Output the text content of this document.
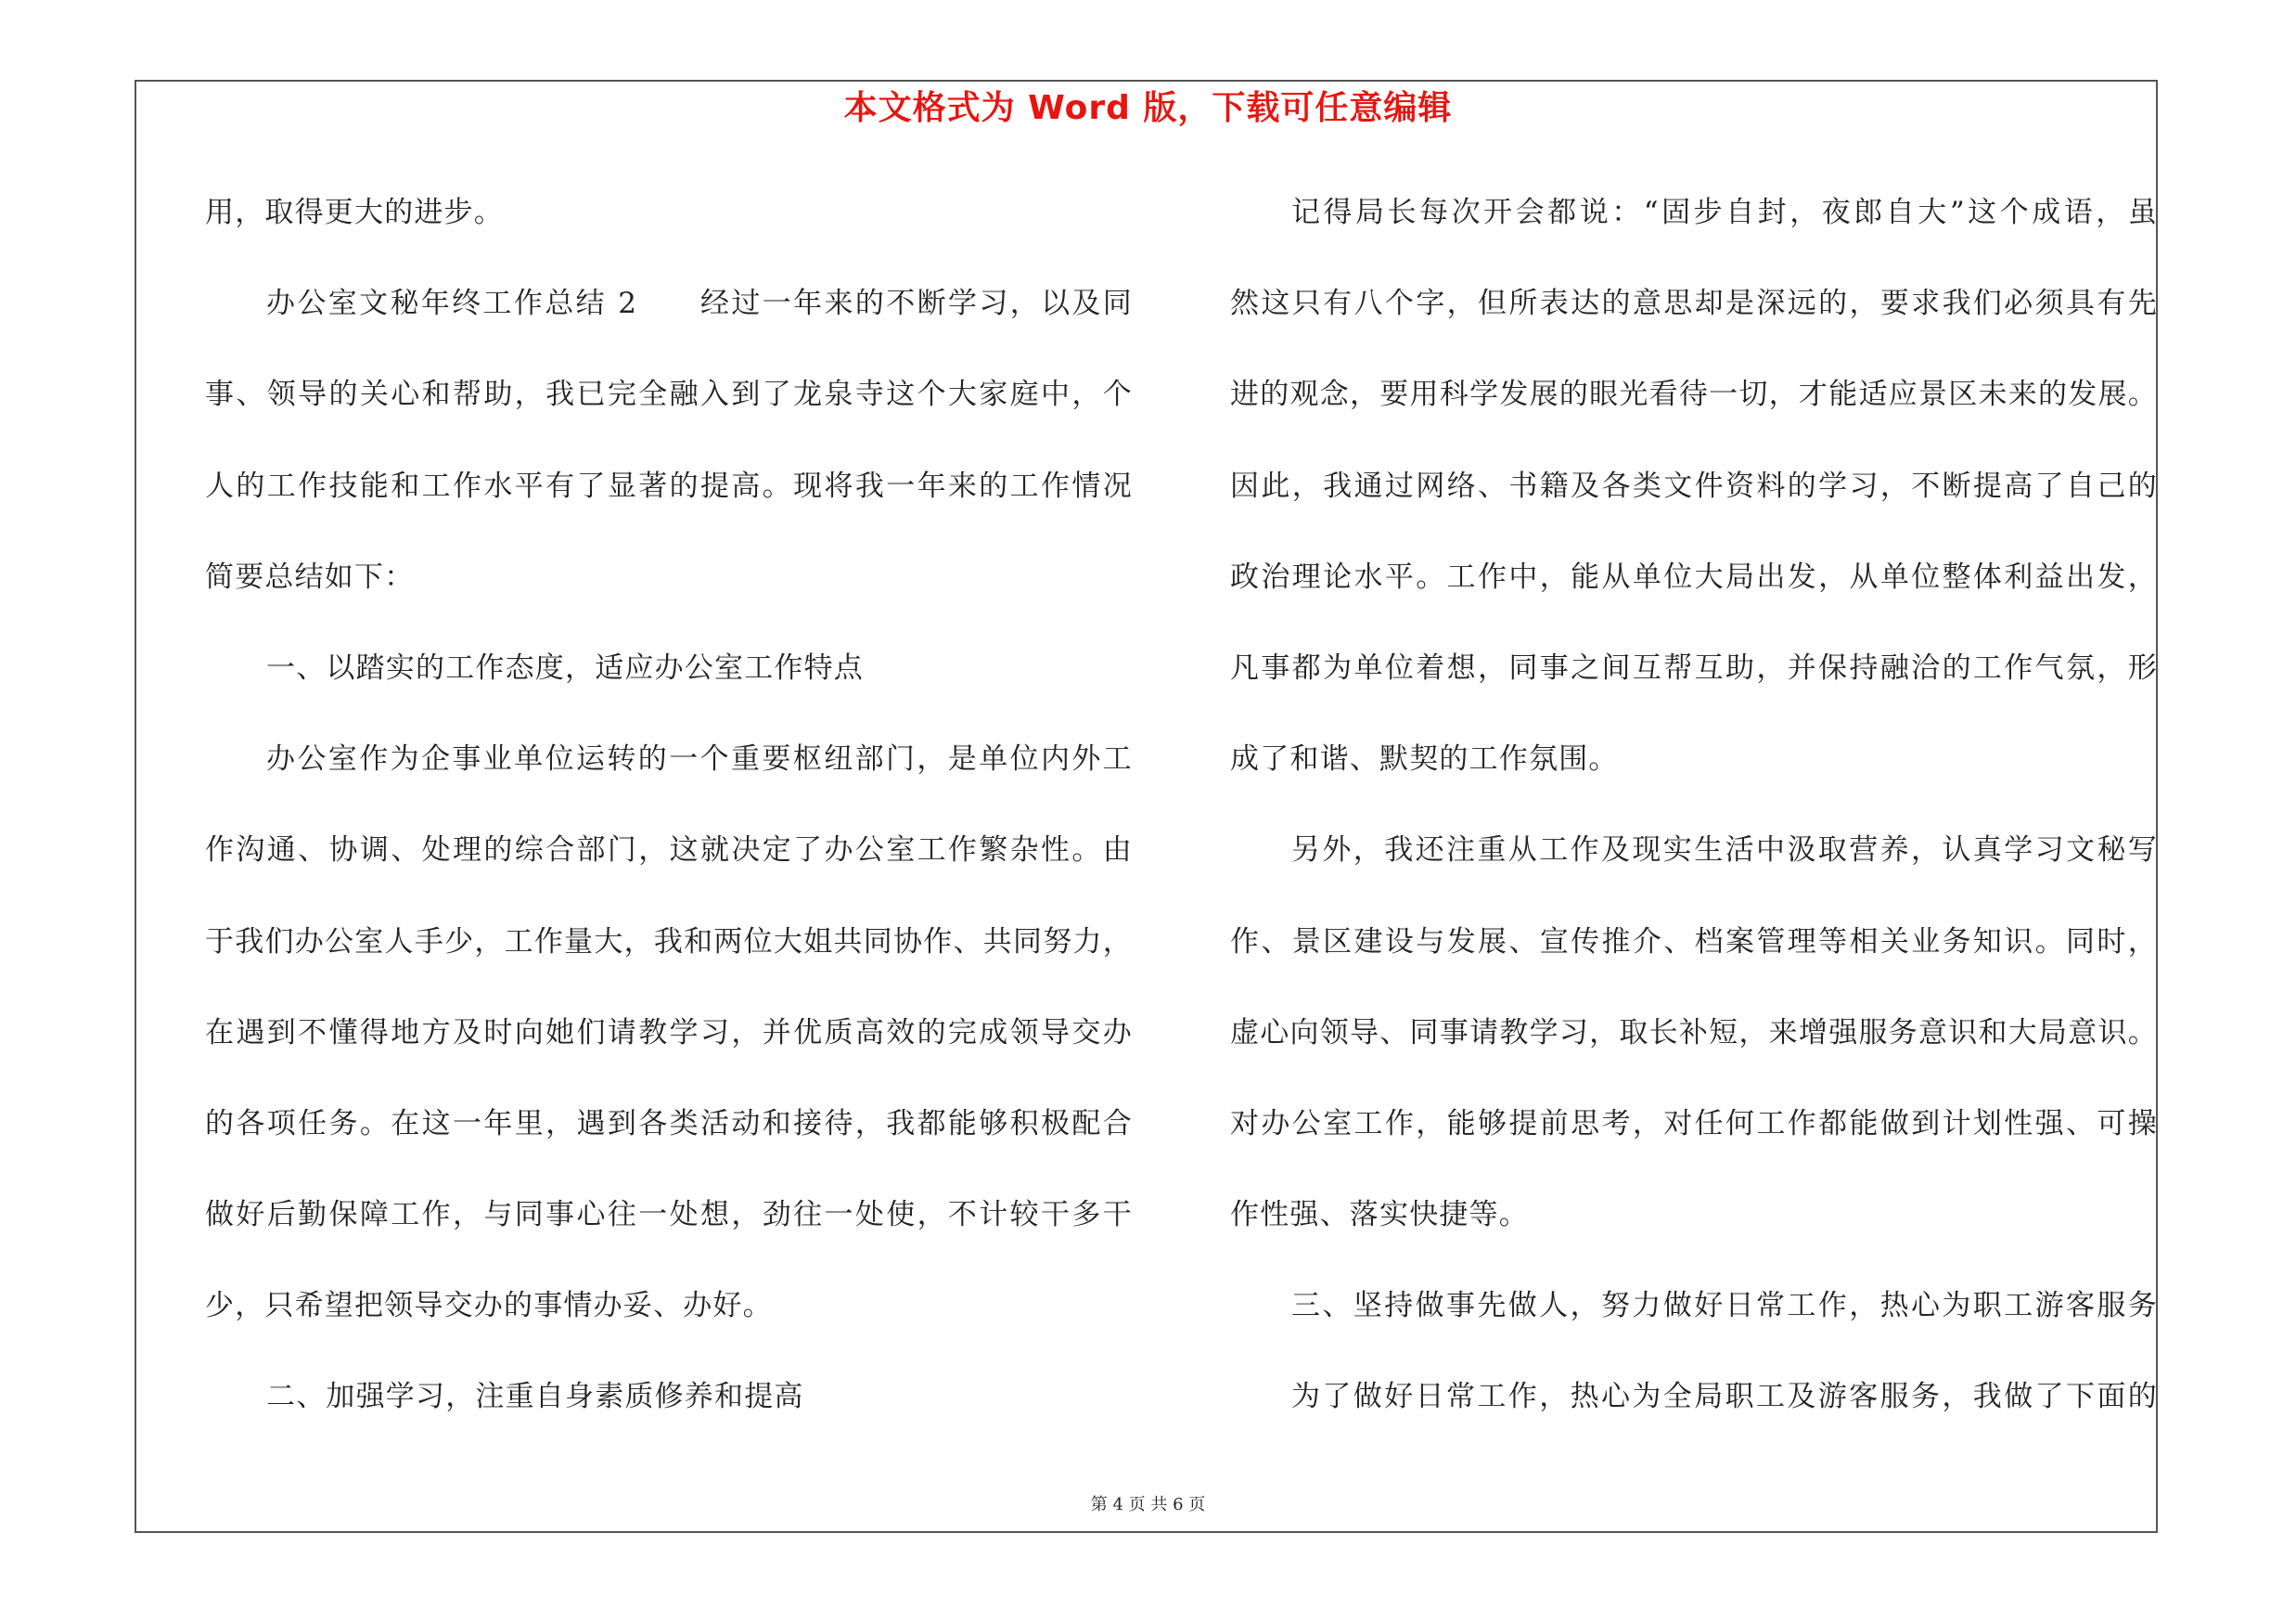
本文格式为 Word 版，下载可任意编辑
用，取得更大的进步。
办公室文秘年终工作总结 2　　经过一年来的不断学习，以及同
事、领导的关心和帮助，我已完全融入到了龙泉寺这个大家庭中，个
人的工作技能和工作水平有了显著的提高。现将我一年来的工作情况
简要总结如下：
一、以踏实的工作态度，适应办公室工作特点
办公室作为企事业单位运转的一个重要枢纽部门，是单位内外工
作沟通、协调、处理的综合部门，这就决定了办公室工作繁杂性。由
于我们办公室人手少，工作量大，我和两位大姐共同协作、共同努力，
在遇到不懂得地方及时向她们请教学习，并优质高效的完成领导交办
的各项任务。在这一年里，遇到各类活动和接待，我都能够积极配合
做好后勤保障工作，与同事心往一处想，劲往一处使，不计较干多干
少，只希望把领导交办的事情办妥、办好。
二、加强学习，注重自身素质修养和提高
记得局长每次开会都说：“固步自封，夜郎自大”这个成语，虽
然这只有八个字，但所表达的意思却是深远的，要求我们必须具有先
进的观念，要用科学发展的眼光看待一切，才能适应景区未来的发展。
因此，我通过网络、书籍及各类文件资料的学习，不断提高了自己的
政治理论水平。工作中，能从单位大局出发，从单位整体利益出发，
凡事都为单位着想，同事之间互帮互助，并保持融洽的工作气氛，形
成了和谐、默契的工作氛围。
另外，我还注重从工作及现实生活中汲取营养，认真学习文秘写
作、景区建设与发展、宣传推介、档案管理等相关业务知识。同时，
虚心向领导、同事请教学习，取长补短，来增强服务意识和大局意识。
对办公室工作，能够提前思考，对任何工作都能做到计划性强、可操
作性强、落实快捷等。
三、坚持做事先做人，努力做好日常工作，热心为职工游客服务
为了做好日常工作，热心为全局职工及游客服务，我做了下面的
第 4 页 共 6 页
